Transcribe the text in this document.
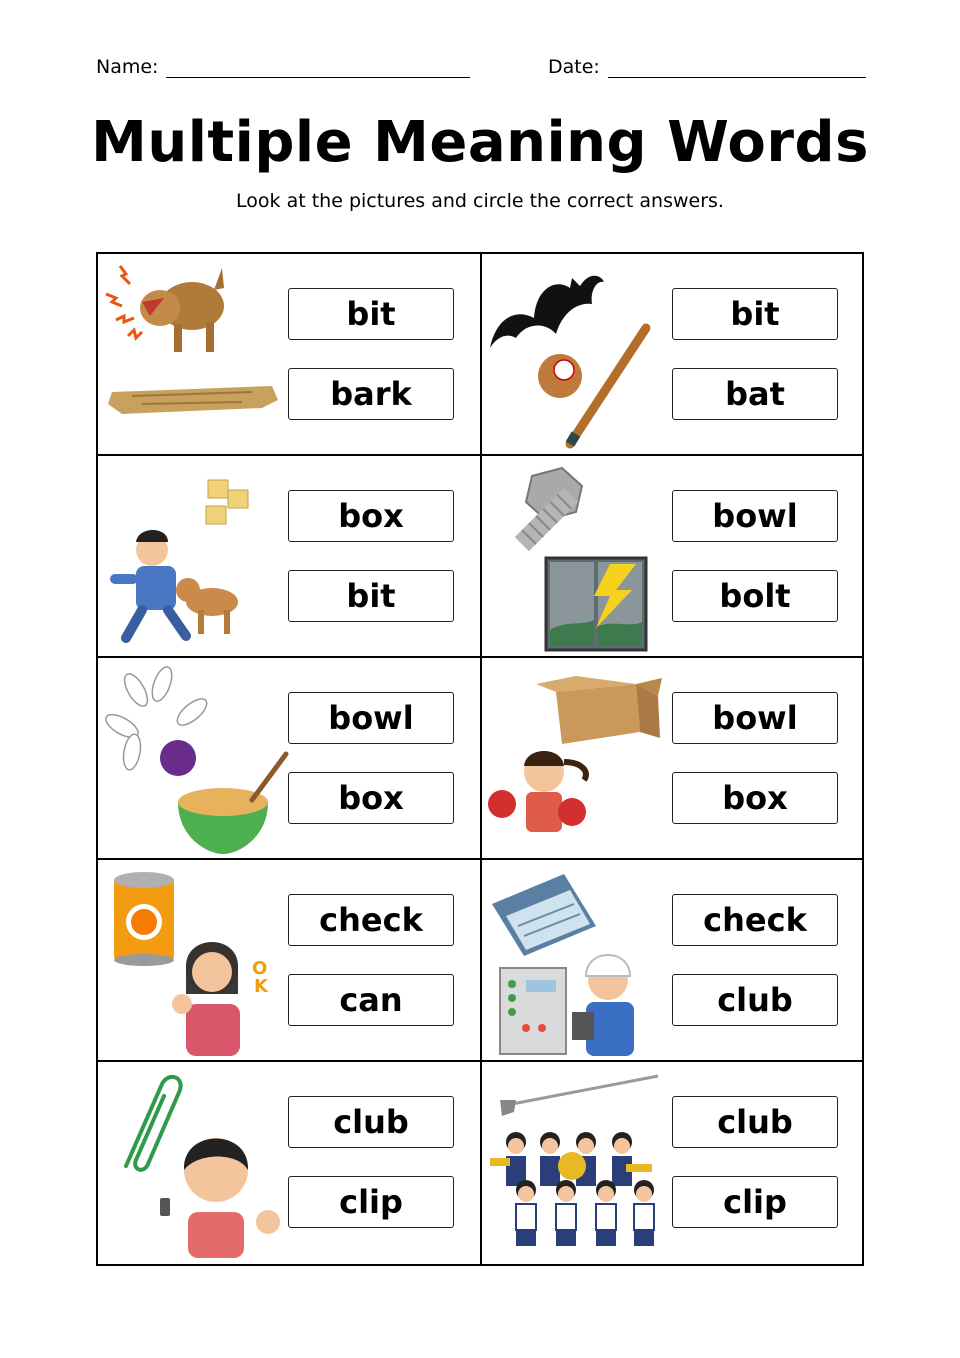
Name:	Date:
Multiple Meaning Words
Look at the pictures and circle the correct answers.
bit
bark
bit
bat
box
bit
bowl
bolt
bowl
box
bowl
box
O
K
check
can
check
club
club
clip
club
clip
